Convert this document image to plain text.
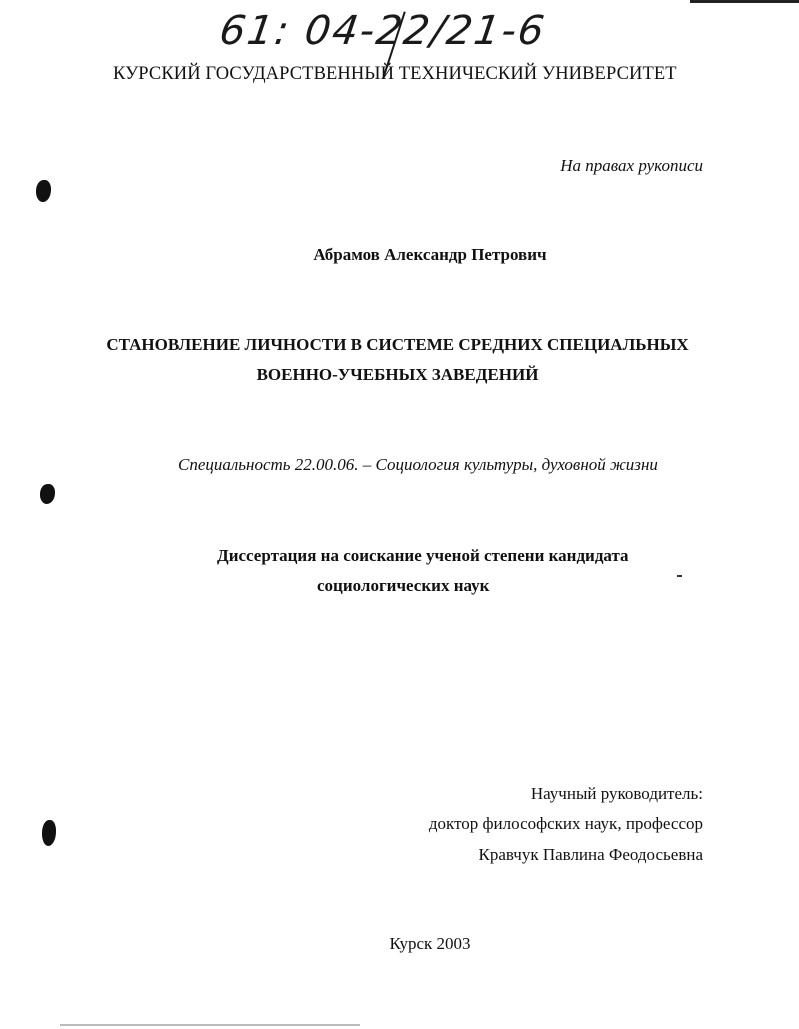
61: 04-22/21-6
КУРСКИЙ ГОСУДАРСТВЕННЫЙ ТЕХНИЧЕСКИЙ УНИВЕРСИТЕТ
На правах рукописи
Абрамов Александр Петрович
СТАНОВЛЕНИЕ ЛИЧНОСТИ В СИСТЕМЕ СРЕДНИХ СПЕЦИАЛЬНЫХ
ВОЕННО-УЧЕБНЫХ ЗАВЕДЕНИЙ
Специальность 22.00.06. – Социология культуры, духовной жизни
Диссертация на соискание ученой степени кандидата
социологических наук
Научный руководитель:
доктор философских наук, профессор
Кравчук Павлина Феодосьевна
Курск 2003
